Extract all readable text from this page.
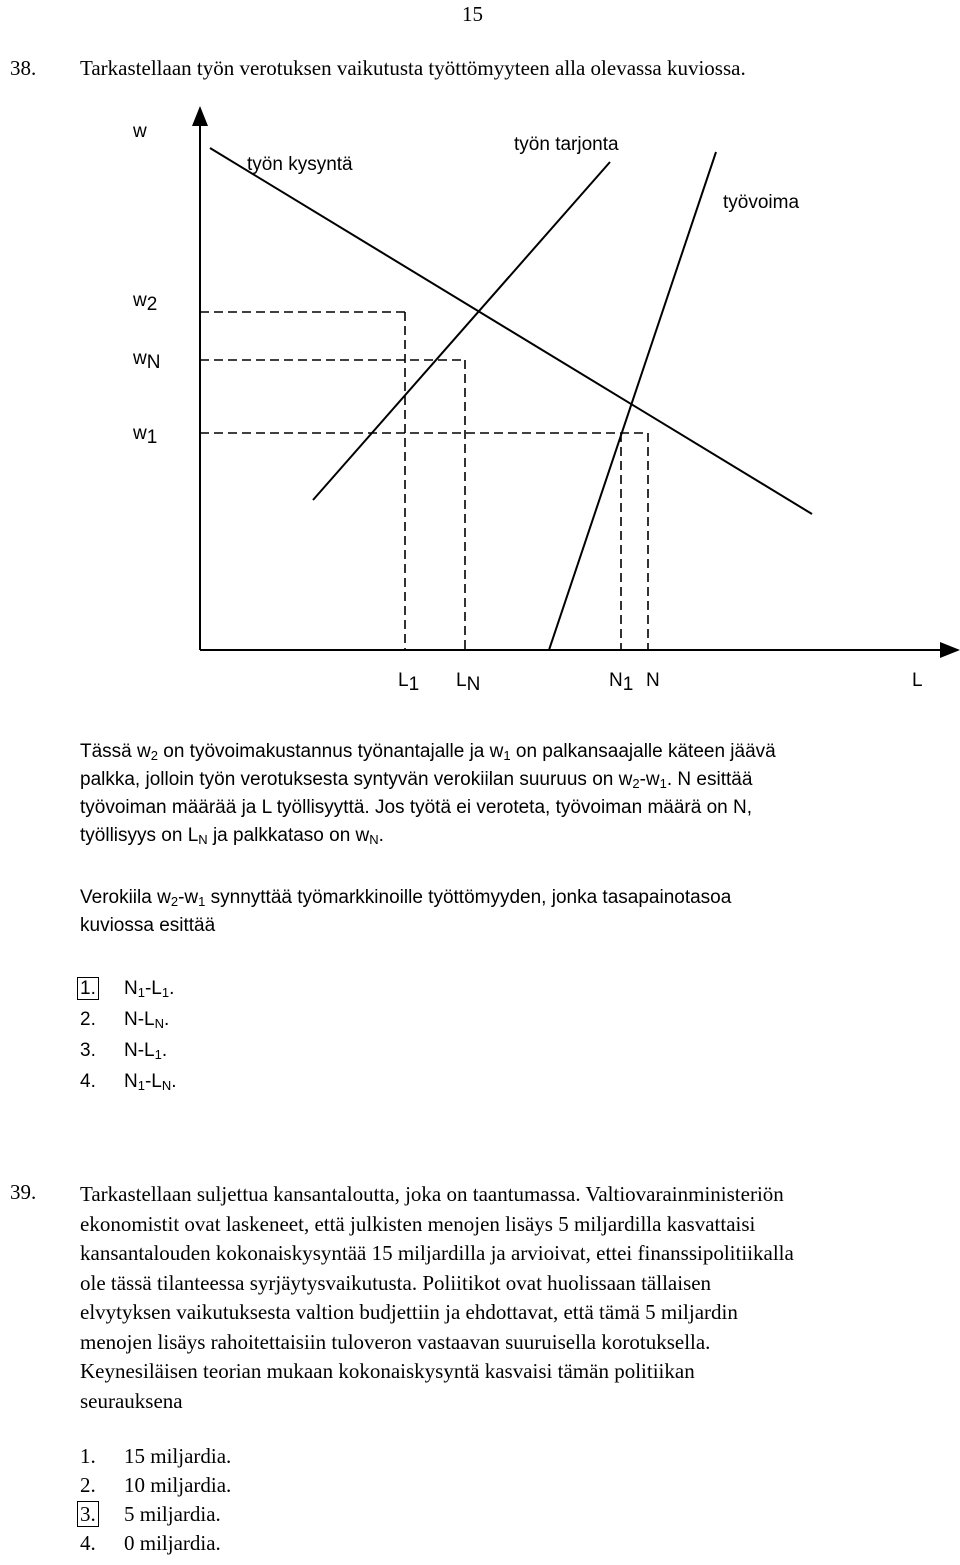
15
38. Tarkastellaan työn verotuksen vaikutusta työttömyyteen alla olevassa kuviossa.
w
työn kysyntä
työn tarjonta
työvoima
w2
wN
w1
L1 LN	N1 N	L
Tässä $w_2$ on työvoimakustannus työnantajalle ja $w_1$ on palkansaajalle käteen jäävä
palkka, jolloin työn verotuksesta syntyvän verokiilan suuruus on $w_2-w_1$. N esittää
työvoiman määrää ja L työllisyyttä. Jos työtä ei veroteta, työvoiman määrä on N,
työllisyys on $L_N$ ja palkkataso on $w_N$.
Verokiila $w_2-w_1$ synnyttää työmarkkinoille työttömyyden, jonka tasapainotasoa
kuviossa esittää
1. $N_1-L_1$.
2. $N-L_N$.
3. $N-L_1$.
4. $N_1-L_N$.
39. Tarkastellaan suljettua kansantaloutta, joka on taantumassa. Valtiovarainministeriön
ekonomistit ovat laskeneet, että julkisten menojen lisäys 5 miljardilla kasvattaisi
kansantalouden kokonaiskysyntää 15 miljardilla ja arvioivat, ettei finanssipolitiikalla
ole tässä tilanteessa syrjäytysvaikutusta. Poliitikot ovat huolissaan tällaisen
elvytyksen vaikutuksesta valtion budjettiin ja ehdottavat, että tämä 5 miljardin
menojen lisäys rahoitettaisiin tuloveron vastaavan suuruisella korotuksella.
Keynesiläisen teorian mukaan kokonaiskysyntä kasvaisi tämän politiikan
seurauksena
1. 15 miljardia.
2. 10 miljardia.
3. 5 miljardia.
4. 0 miljardia.
